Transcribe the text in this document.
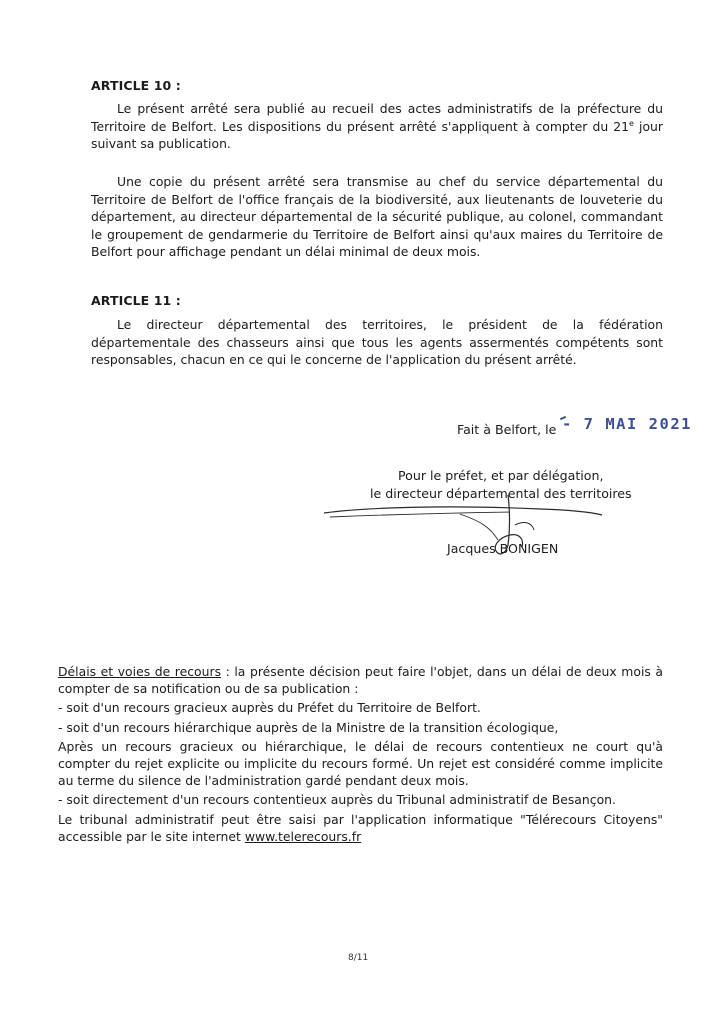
ARTICLE 10 :

Le présent arrêté sera publié au recueil des actes administratifs de la préfecture du Territoire de Belfort. Les dispositions du présent arrêté s'appliquent à compter du 21e jour suivant sa publication.

Une copie du présent arrêté sera transmise au chef du service départemental du Territoire de Belfort de l'office français de la biodiversité, aux lieutenants de louveterie du département, au directeur départemental de la sécurité publique, au colonel, commandant le groupement de gendarmerie du Territoire de Belfort ainsi qu'aux maires du Territoire de Belfort pour affichage pendant un délai minimal de deux mois.

ARTICLE 11 :

Le directeur départemental des territoires, le président de la fédération départementale des chasseurs ainsi que tous les agents assermentés compétents sont responsables, chacun en ce qui le concerne de l'application du présent arrêté.

Fait à Belfort, le - 7 MAI 2021
Pour le préfet, et par délégation,
le directeur départemental des territoires
Jacques BONIGEN
Délais et voies de recours : la présente décision peut faire l'objet, dans un délai de deux mois à compter de sa notification ou de sa publication :
- soit d'un recours gracieux auprès du Préfet du Territoire de Belfort.
- soit d'un recours hiérarchique auprès de la Ministre de la transition écologique,
Après un recours gracieux ou hiérarchique, le délai de recours contentieux ne court qu'à compter du rejet explicite ou implicite du recours formé. Un rejet est considéré comme implicite au terme du silence de l'administration gardé pendant deux mois.
- soit directement d'un recours contentieux auprès du Tribunal administratif de Besançon.
Le tribunal administratif peut être saisi par l'application informatique "Télérecours Citoyens" accessible par le site internet www.telerecours.fr
8/11
